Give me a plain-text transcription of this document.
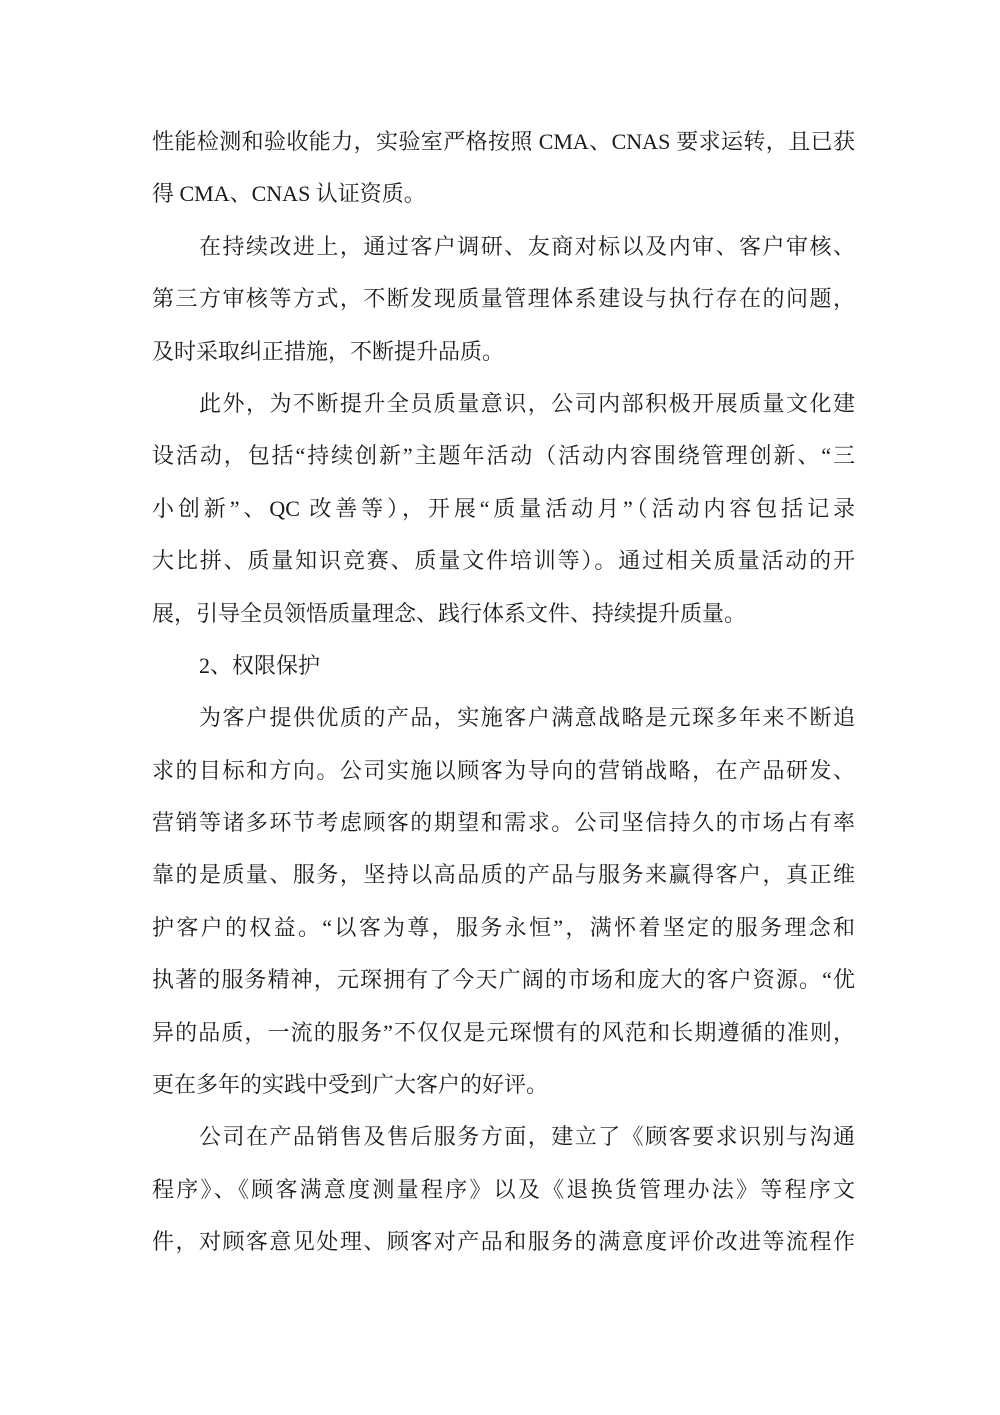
性能检测和验收能力，实验室严格按照 CMA、CNAS 要求运转，且已获
得 CMA、CNAS 认证资质。
在持续改进上，通过客户调研、友商对标以及内审、客户审核、
第三方审核等方式，不断发现质量管理体系建设与执行存在的问题，
及时采取纠正措施，不断提升品质。
此外，为不断提升全员质量意识，公司内部积极开展质量文化建
设活动，包括“持续创新”主题年活动（活动内容围绕管理创新、“三
小创新”、QC 改善等），开展“质量活动月”（活动内容包括记录
大比拼、质量知识竞赛、质量文件培训等）。通过相关质量活动的开
展，引导全员领悟质量理念、践行体系文件、持续提升质量。
2、权限保护
为客户提供优质的产品，实施客户满意战略是元琛多年来不断追
求的目标和方向。公司实施以顾客为导向的营销战略，在产品研发、
营销等诸多环节考虑顾客的期望和需求。公司坚信持久的市场占有率
靠的是质量、服务，坚持以高品质的产品与服务来赢得客户，真正维
护客户的权益。“以客为尊，服务永恒”，满怀着坚定的服务理念和
执著的服务精神，元琛拥有了今天广阔的市场和庞大的客户资源。“优
异的品质，一流的服务”不仅仅是元琛惯有的风范和长期遵循的准则，
更在多年的实践中受到广大客户的好评。
公司在产品销售及售后服务方面，建立了《顾客要求识别与沟通
程序》、《顾客满意度测量程序》以及《退换货管理办法》等程序文
件，对顾客意见处理、顾客对产品和服务的满意度评价改进等流程作
